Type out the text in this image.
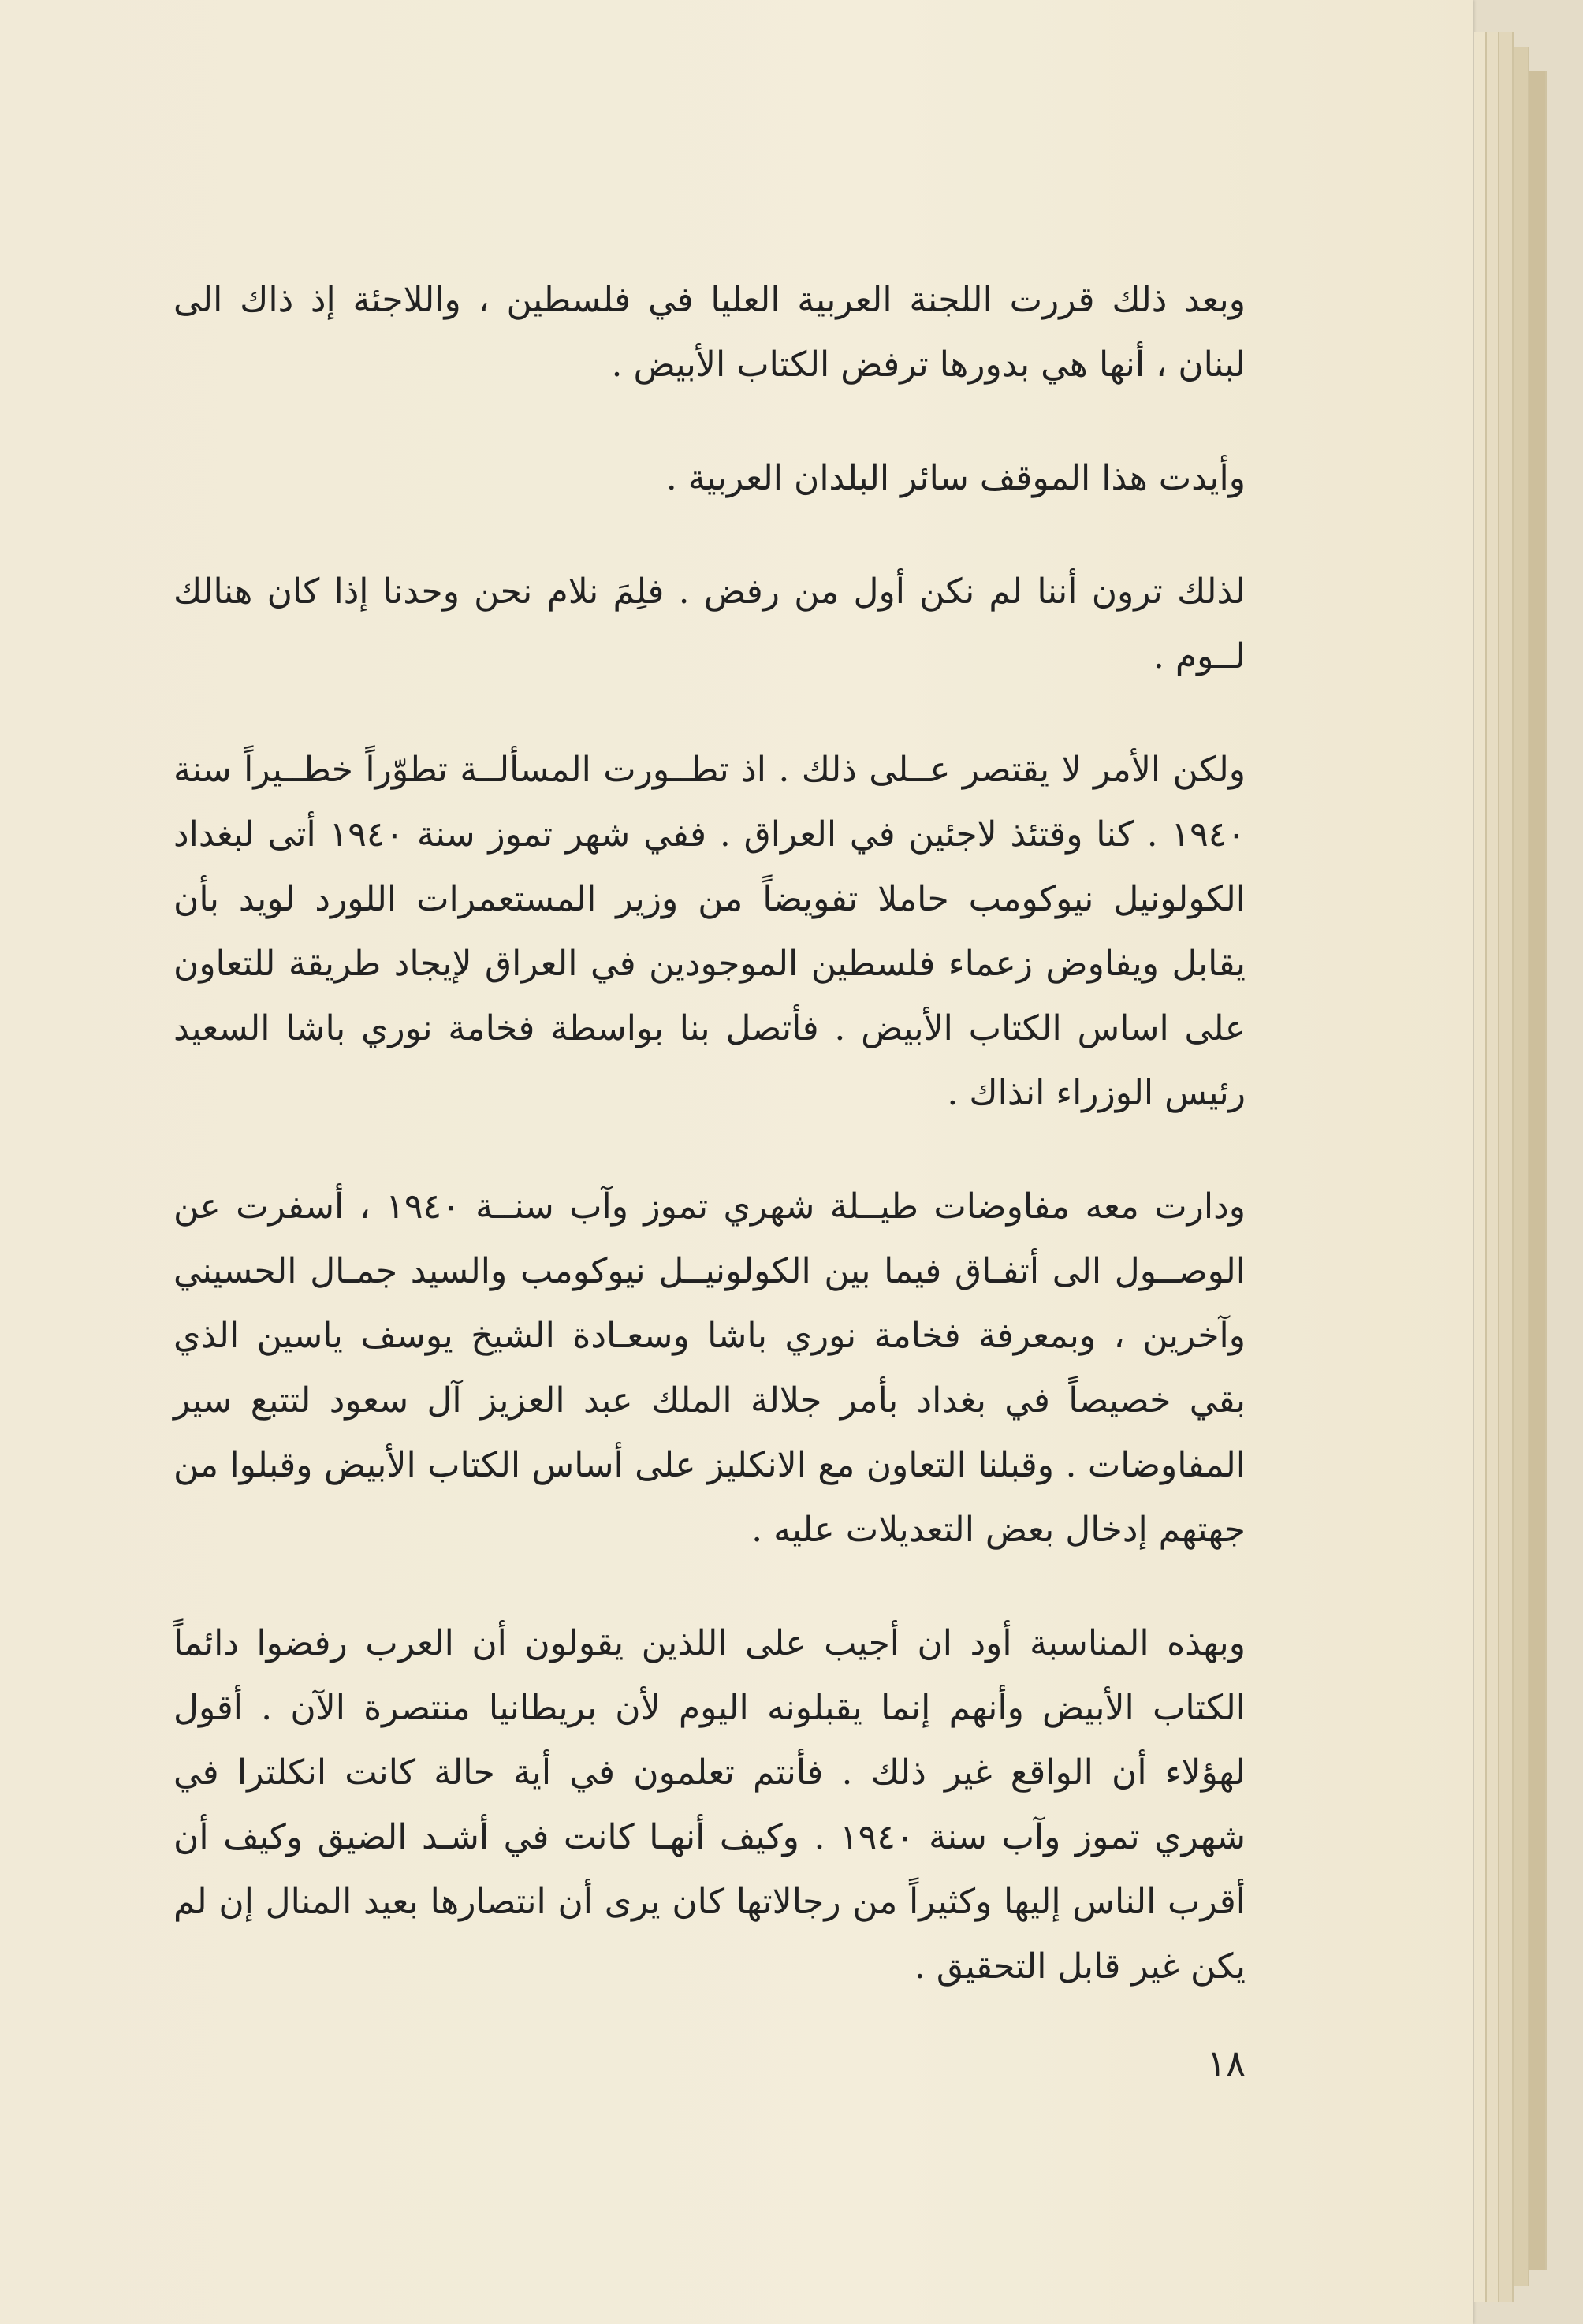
وبعد ذلك قررت اللجنة العربية العليا في فلسطين ، واللاجئة إذ ذاك الى لبنان ، أنها هي بدورها ترفض الكتاب الأبيض .

وأيدت هذا الموقف سائر البلدان العربية .

لذلك ترون أننا لم نكن أول من رفض . فلِمَ نلام نحن وحدنا إذا كان هنالك لــوم .

ولكن الأمر لا يقتصر عــلى ذلك . اذ تطــورت المسألــة تطوّراً خطــيراً سنة ١٩٤٠ . كنا وقتئذ لاجئين في العراق . ففي شهر تموز سنة ١٩٤٠ أتى لبغداد الكولونيل نيوكومب حاملا تفويضاً من وزير المستعمرات اللورد لويد بأن يقابل ويفاوض زعماء فلسطين الموجودين في العراق لإيجاد طريقة للتعاون على اساس الكتاب الأبيض . فأتصل بنا بواسطة فخامة نوري باشا السعيد رئيس الوزراء انذاك .

ودارت معه مفاوضات طيــلة شهري تموز وآب سنــة ١٩٤٠ ، أسفرت عن الوصــول الى أتفـاق فيما بين الكولونيــل نيوكومب والسيد جمـال الحسيني وآخرين ، وبمعرفة فخامة نوري باشا وسعـادة الشيخ يوسف ياسين الذي بقي خصيصاً في بغداد بأمر جلالة الملك عبد العزيز آل سعود لتتبع سير المفاوضات . وقبلنا التعاون مع الانكليز على أساس الكتاب الأبيض وقبلوا من جهتهم إدخال بعض التعديلات عليه .

وبهذه المناسبة أود ان أجيب على اللذين يقولون أن العرب رفضوا دائماً الكتاب الأبيض وأنهم إنما يقبلونه اليوم لأن بريطانيا منتصرة الآن . أقول لهؤلاء أن الواقع غير ذلك . فأنتم تعلمون في أية حالة كانت انكلترا في شهري تموز وآب سنة ١٩٤٠ . وكيف أنهـا كانت في أشـد الضيق وكيف أن أقرب الناس إليها وكثيراً من رجالاتها كان يرى أن انتصارها بعيد المنال إن لم يكن غير قابل التحقيق .

١٨
